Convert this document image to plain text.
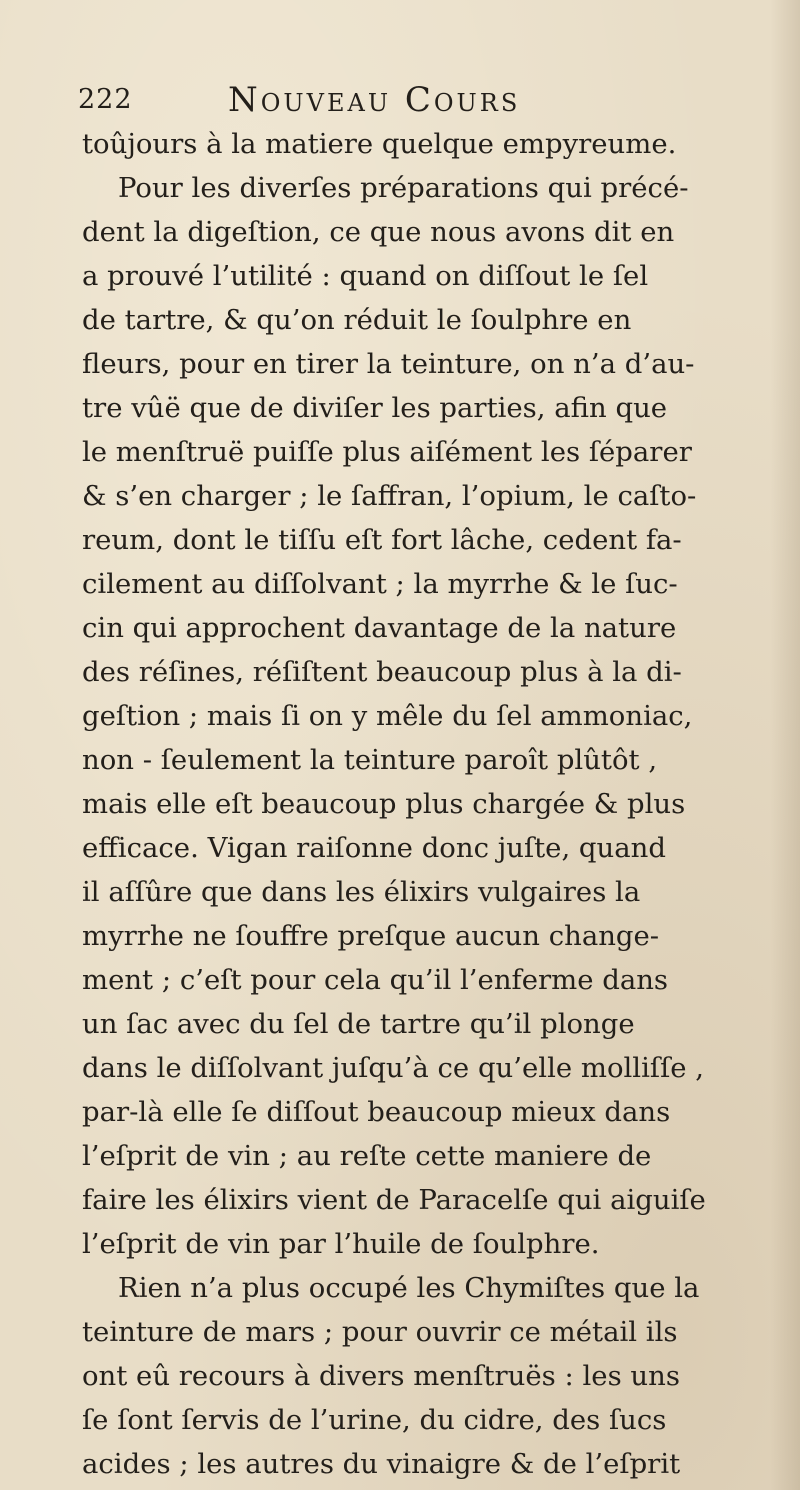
222	Nouveau Cours
toûjours à la matiere quelque empyreume.
Pour les diverſes préparations qui précé-
dent la digeſtion, ce que nous avons dit en
a prouvé l’utilité : quand on diſſout le ſel
de tartre, & qu’on réduit le ſoulphre en
fleurs, pour en tirer la teinture, on n’a d’au-
tre vûë que de diviſer les parties, afin que
le menſtruë puiſſe plus aiſément les ſéparer
& s’en charger ; le ſaffran, l’opium, le caſto-
reum, dont le tiſſu eſt fort lâche, cedent fa-
cilement au diſſolvant ; la myrrhe & le ſuc-
cin qui approchent davantage de la nature
des réſines, réſiſtent beaucoup plus à la di-
geſtion ; mais ſi on y mêle du ſel ammoniac,
non - ſeulement la teinture paroît plûtôt ,
mais elle eſt beaucoup plus chargée & plus
efficace. Vigan raiſonne donc juſte, quand
il aſſûre que dans les élixirs vulgaires la
myrrhe ne ſouffre preſque aucun change-
ment ; c’eſt pour cela qu’il l’enferme dans
un ſac avec du ſel de tartre qu’il plonge
dans le diſſolvant juſqu’à ce qu’elle molliſſe ,
par-là elle ſe diſſout beaucoup mieux dans
l’eſprit de vin ; au reſte cette maniere de
faire les élixirs vient de Paracelſe qui aiguiſe
l’eſprit de vin par l’huile de ſoulphre.
Rien n’a plus occupé les Chymiſtes que la
teinture de mars ; pour ouvrir ce métail ils
ont eû recours à divers menſtruës : les uns
ſe ſont ſervis de l’urine, du cidre, des ſucs
acides ; les autres du vinaigre & de l’eſprit
